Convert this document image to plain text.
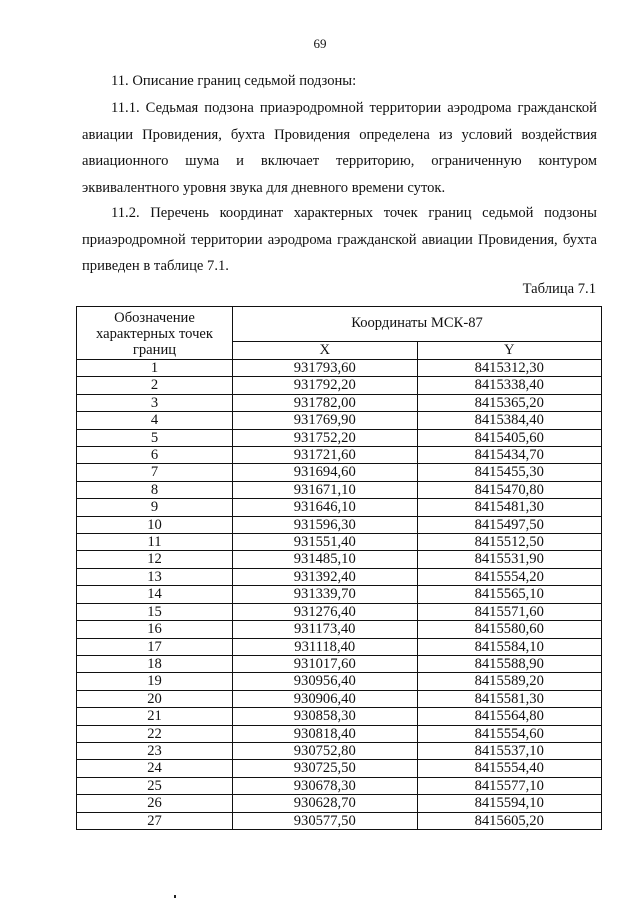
69

11. Описание границ седьмой подзоны:

11.1. Седьмая подзона приаэродромной территории аэродрома гражданской авиации Провидения, бухта Провидения определена из условий воздействия авиационного шума и включает территорию, ограниченную контуром эквивалентного уровня звука для дневного времени суток.

11.2. Перечень координат характерных точек границ седьмой подзоны приаэродромной территории аэродрома гражданской авиации Провидения, бухта приведен в таблице 7.1.

Таблица 7.1
Обозначение характерных точек границ	Координаты МСК-87	
	X	Y
1	931793,60	8415312,30
2	931792,20	8415338,40
3	931782,00	8415365,20
4	931769,90	8415384,40
5	931752,20	8415405,60
6	931721,60	8415434,70
7	931694,60	8415455,30
8	931671,10	8415470,80
9	931646,10	8415481,30
10	931596,30	8415497,50
11	931551,40	8415512,50
12	931485,10	8415531,90
13	931392,40	8415554,20
14	931339,70	8415565,10
15	931276,40	8415571,60
16	931173,40	8415580,60
17	931118,40	8415584,10
18	931017,60	8415588,90
19	930956,40	8415589,20
20	930906,40	8415581,30
21	930858,30	8415564,80
22	930818,40	8415554,60
23	930752,80	8415537,10
24	930725,50	8415554,40
25	930678,30	8415577,10
26	930628,70	8415594,10
27	930577,50	8415605,20
